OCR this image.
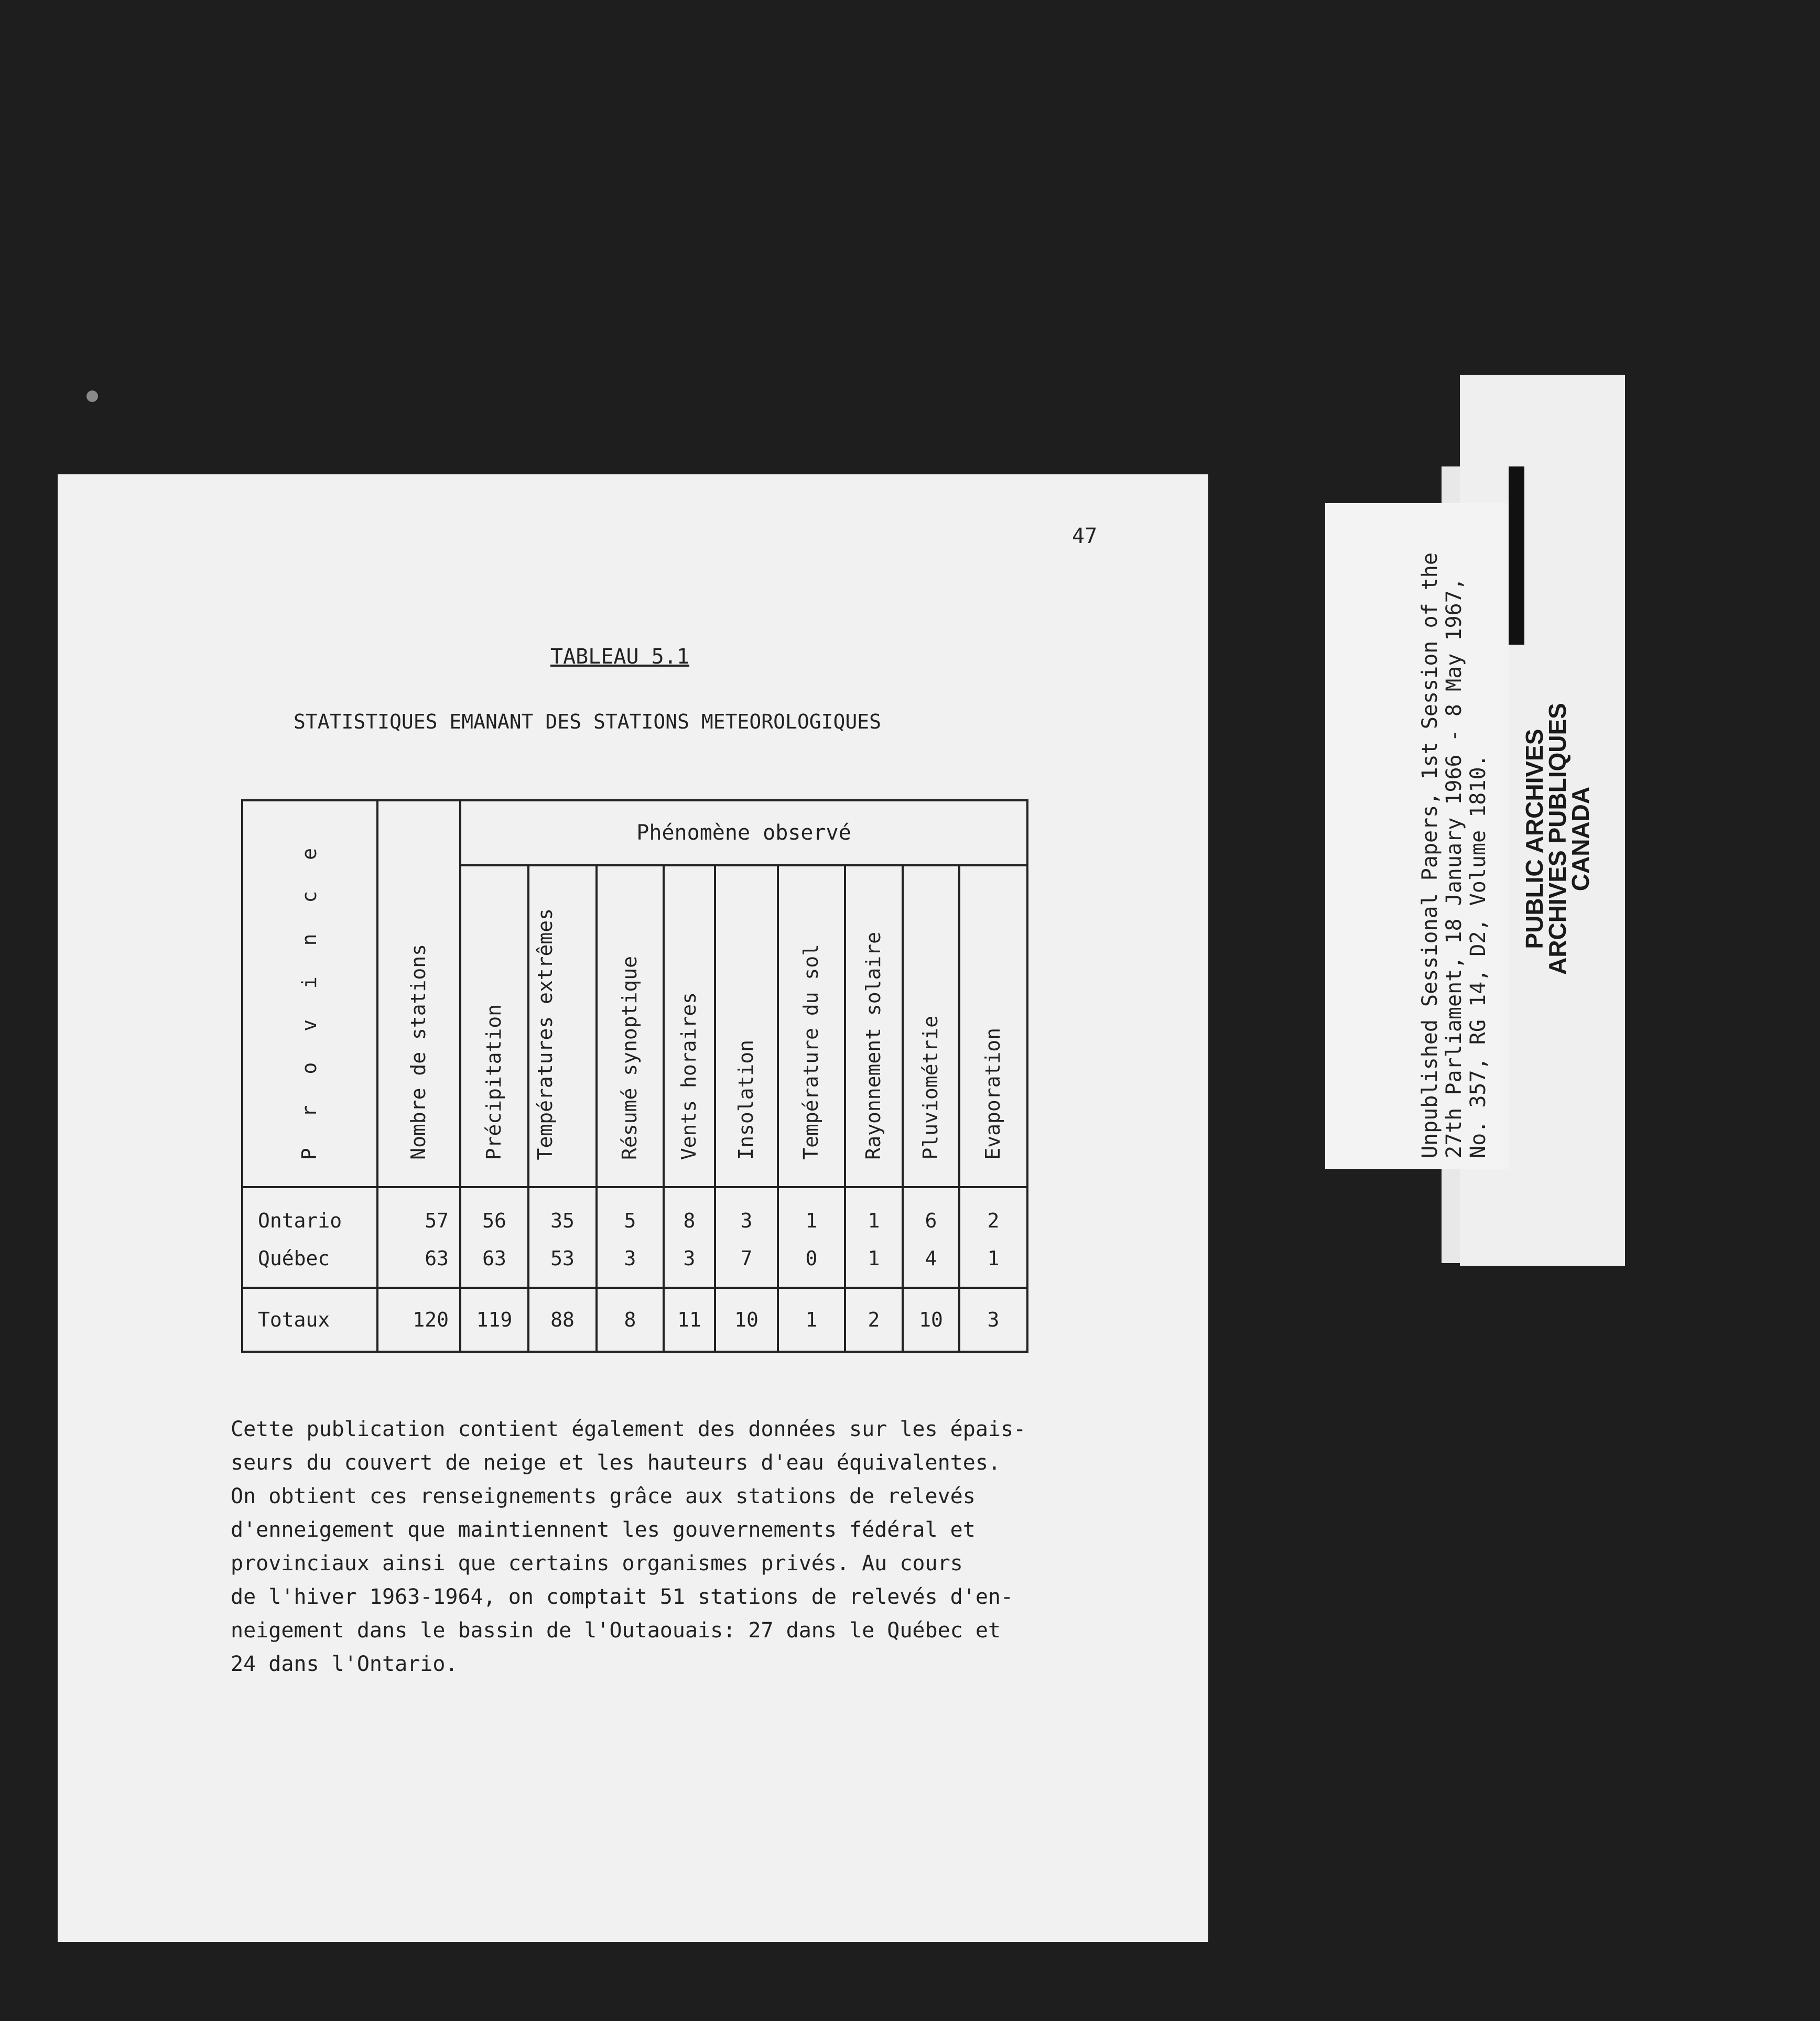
47
TABLEAU 5.1
STATISTIQUES EMANANT DES STATIONS METEOROLOGIQUES
P r o v i n c e	Nombre de stations	Phénomène observé								

		Précipitation	Températures extrêmes	Résumé synoptique	Vents horaires	Insolation	Température du sol	Rayonnement solaire	Pluviométrie	Evaporation

Ontario	57	56	35	5	8	3	1	1	6	2
Québec	63	63	53	3	3	7	0	1	4	1
Totaux	120	119	88	8	11	10	1	2	10	3
Cette publication contient également des données sur les épais-
seurs du couvert de neige et les hauteurs d'eau équivalentes.
On obtient ces renseignements grâce aux stations de relevés
d'enneigement que maintiennent les gouvernements fédéral et
provinciaux ainsi que certains organismes privés. Au cours
de l'hiver 1963-1964, on comptait 51 stations de relevés d'en-
neigement dans le bassin de l'Outaouais: 27 dans le Québec et
24 dans l'Ontario.
Unpublished Sessional Papers, 1st Session of the 27th Parliament, 18 January 1966 - 8 May 1967, No. 357, RG 14, D2, Volume 1810. PUBLIC ARCHIVES
ARCHIVES PUBLIQUES
CANADA
